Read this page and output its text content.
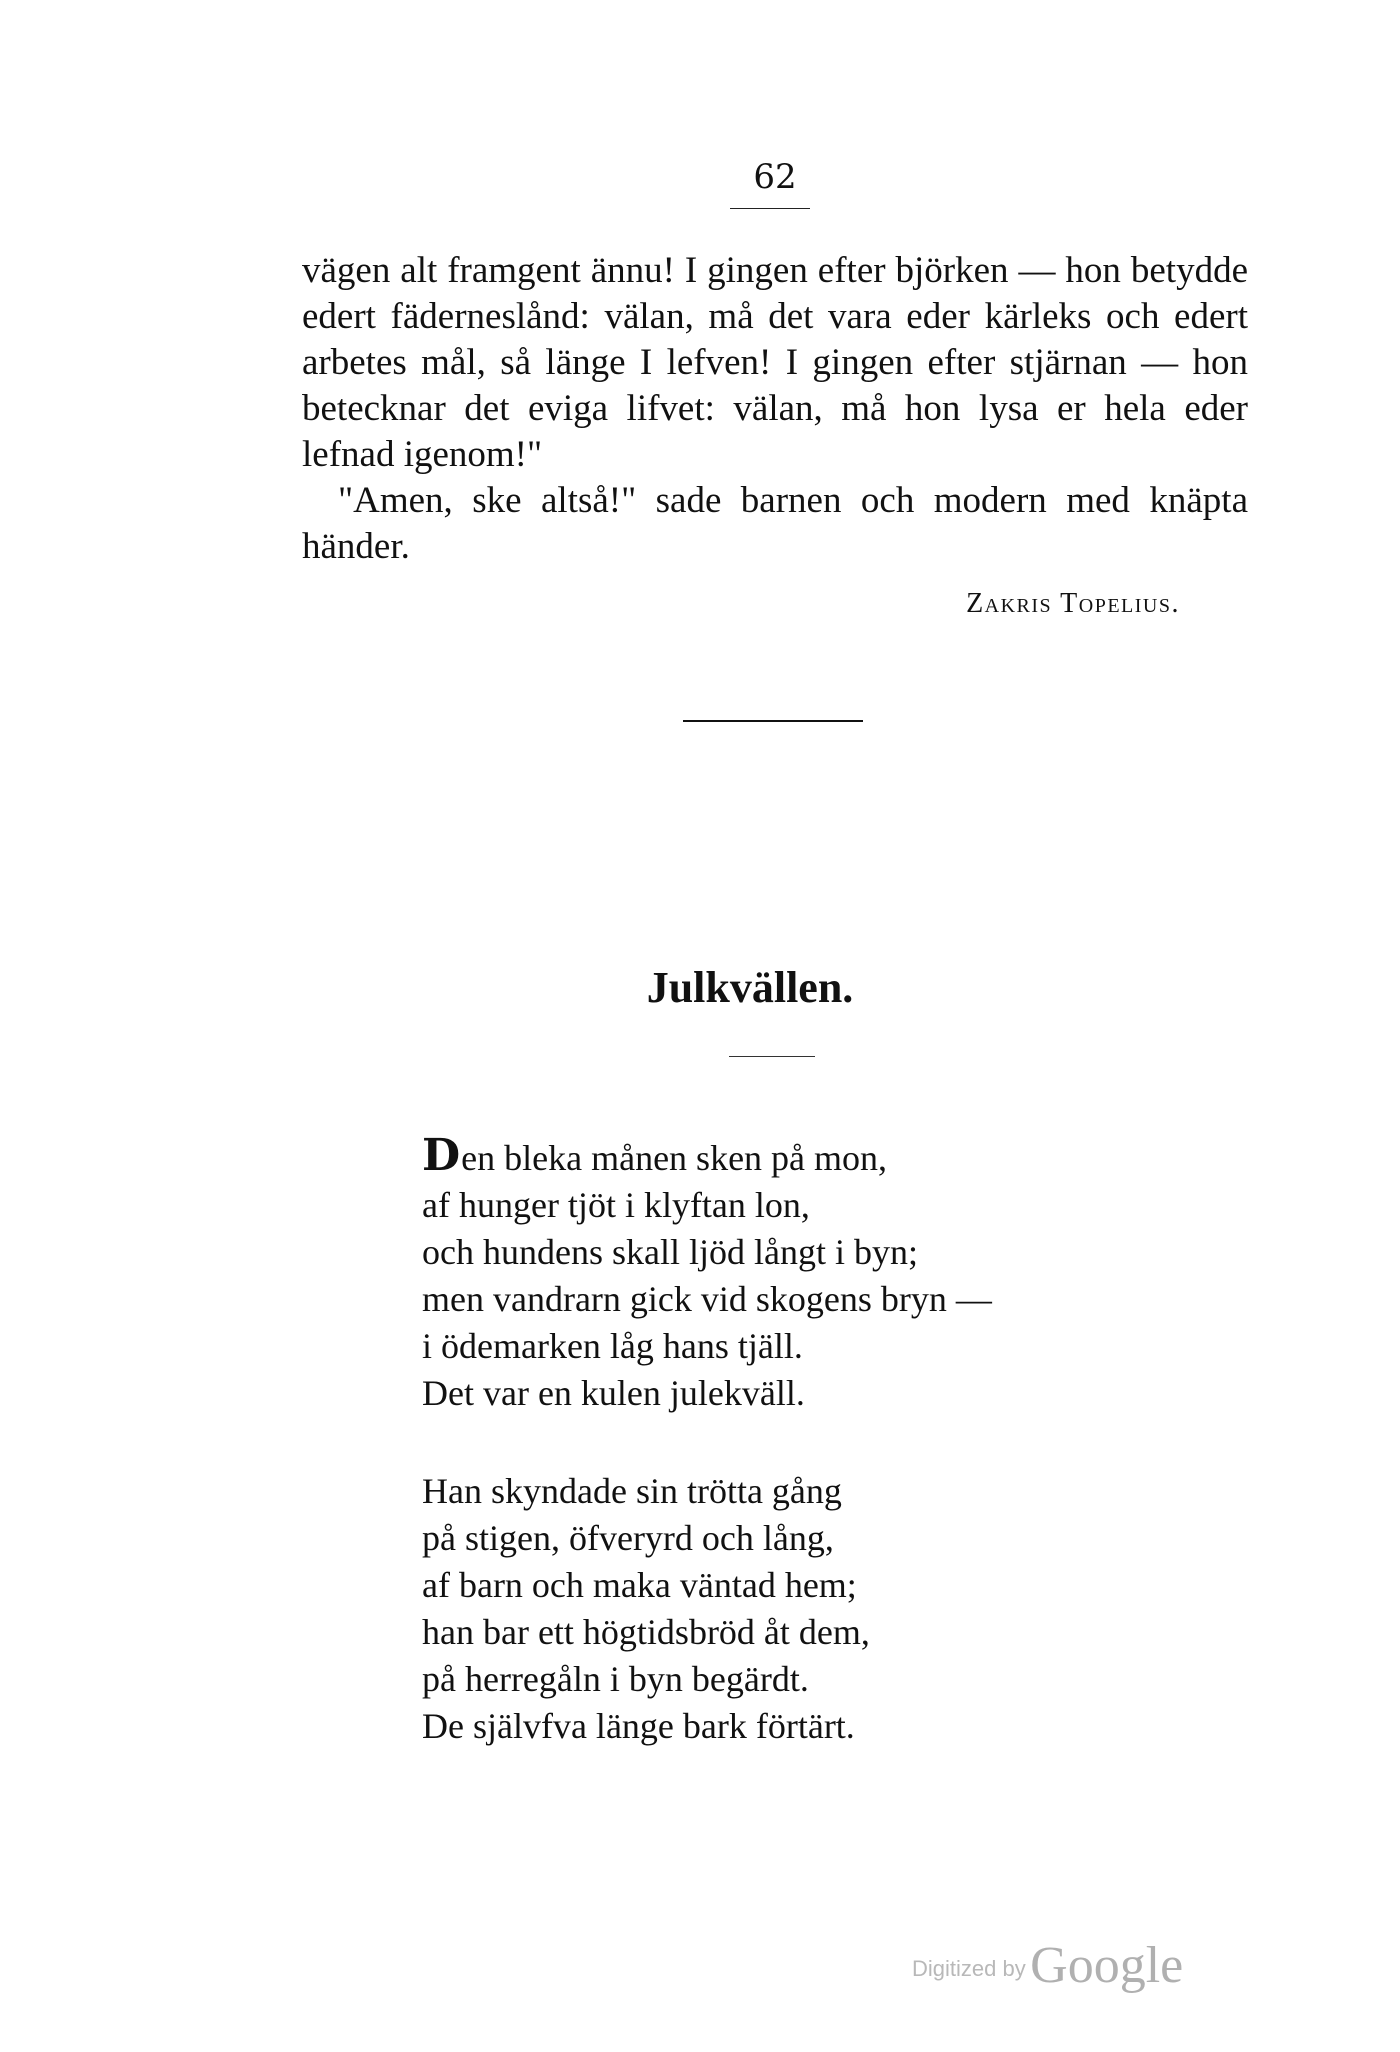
62

vägen alt framgent ännu! I gingen efter björken — hon betydde edert fäderneslånd: välan, må det vara eder kärleks och edert arbetes mål, så länge I lefven! I gingen efter stjärnan — hon betecknar det eviga lifvet: välan, må hon lysa er hela eder lefnad igenom!"

"Amen, ske altså!" sade barnen och modern med knäpta händer.

Zakris Topelius.
Julkvällen.
Den bleka månen sken på mon,
af hunger tjöt i klyftan lon,
och hundens skall ljöd långt i byn;
men vandrarn gick vid skogens bryn —
i ödemarken låg hans tjäll.
Det var en kulen julekväll.
Han skyndade sin trötta gång
på stigen, öfveryrd och lång,
af barn och maka väntad hem;
han bar ett högtidsbröd åt dem,
på herregåln i byn begärdt.
De självfva länge bark förtärt.
Digitized by Google
